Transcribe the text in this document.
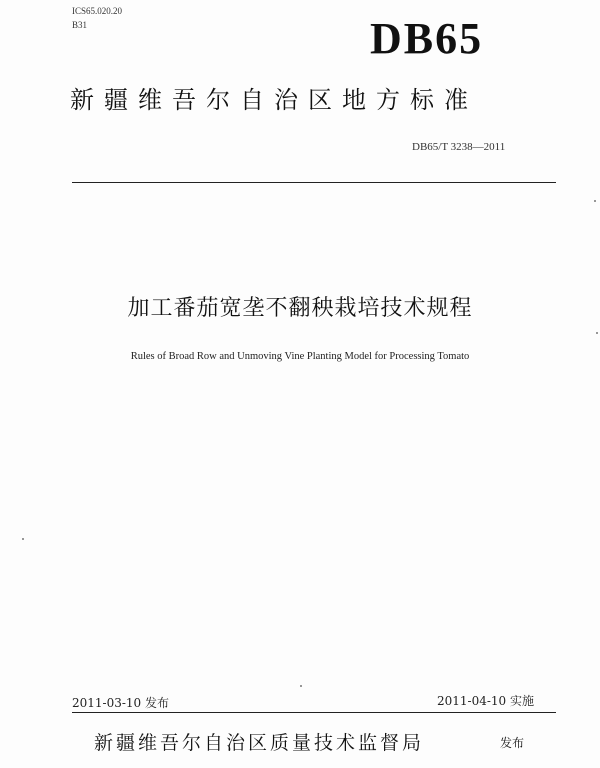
ICS65.020.20
B31	DB65
新疆维吾尔自治区地方标准
DB65/T 3238—2011
加工番茄宽垄不翻秧栽培技术规程
Rules of Broad Row and Unmoving Vine Planting Model for Processing Tomato
2011-03-10 发布	2011-04-10 实施
新疆维吾尔自治区质量技术监督局	发布
